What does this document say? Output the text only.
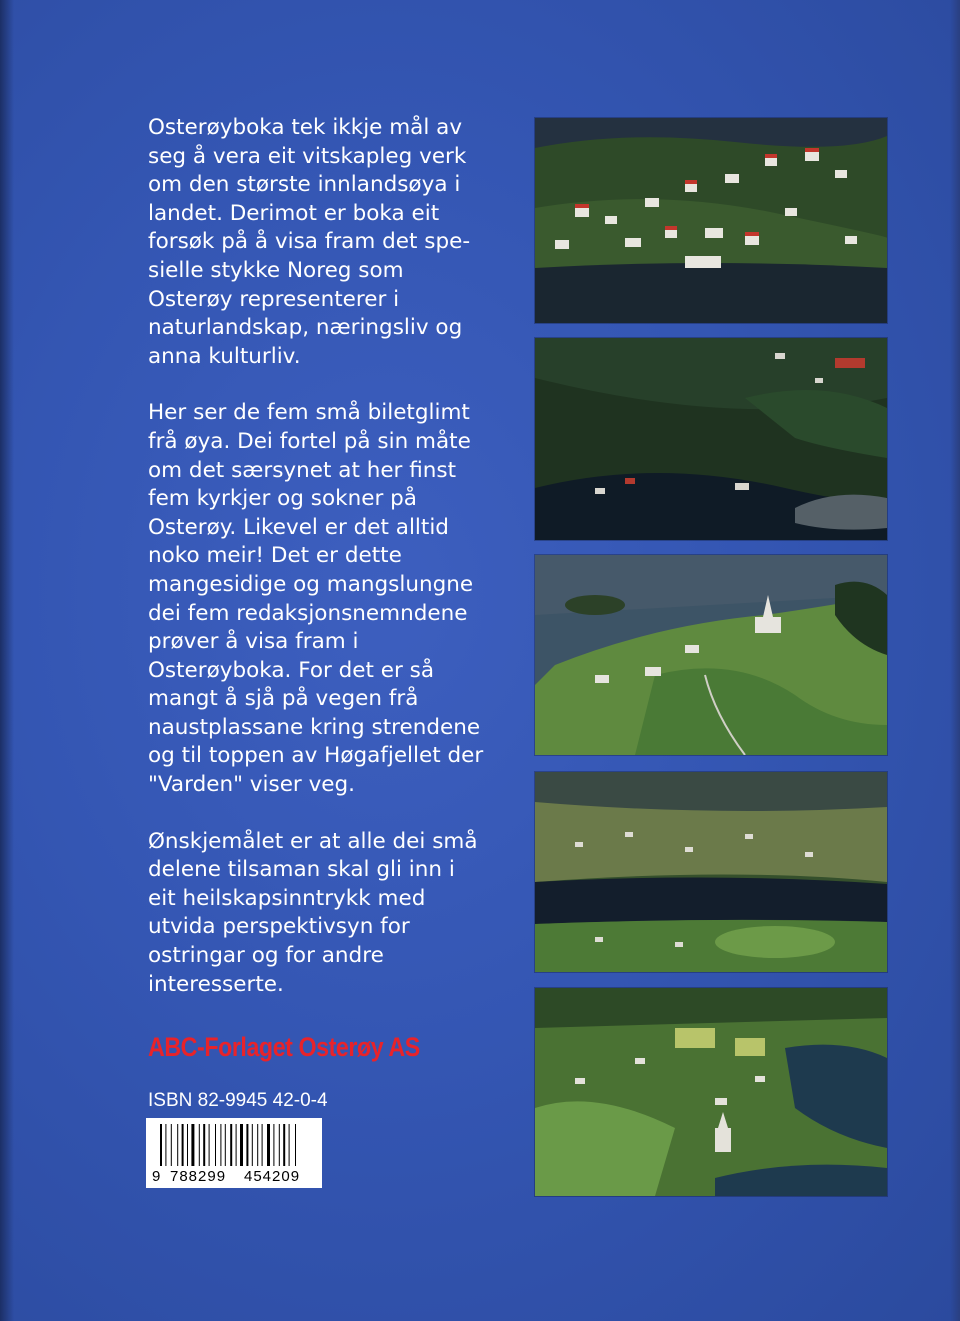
Osterøyboka tek ikkje mål av seg å vera eit vitskapleg verk om den største innlandsøya i landet. Derimot er boka eit forsøk på å visa fram det spe- sielle stykke Noreg som Osterøy representerer i naturlandskap, næringsliv og anna kulturliv.

Her ser de fem små biletglimt frå øya. Dei fortel på sin måte om det særsynet at her finst fem kyrkjer og sokner på Osterøy. Likevel er det alltid noko meir! Det er dette mangesidige og mangslungne dei fem redaksjonsnemndene prøver å visa fram i Osterøyboka. For det er så mangt å sjå på vegen frå naustplassane kring strendene og til toppen av Høgafjellet der "Varden" viser veg.

Ønskjemålet er at alle dei små delene tilsaman skal gli inn i eit heilskapsinntrykk med utvida perspektivsyn for ostringar og for andre interesserte.

ABC-Forlaget Osterøy AS
ISBN 82-9945 42-0-4
9 788299 454209
